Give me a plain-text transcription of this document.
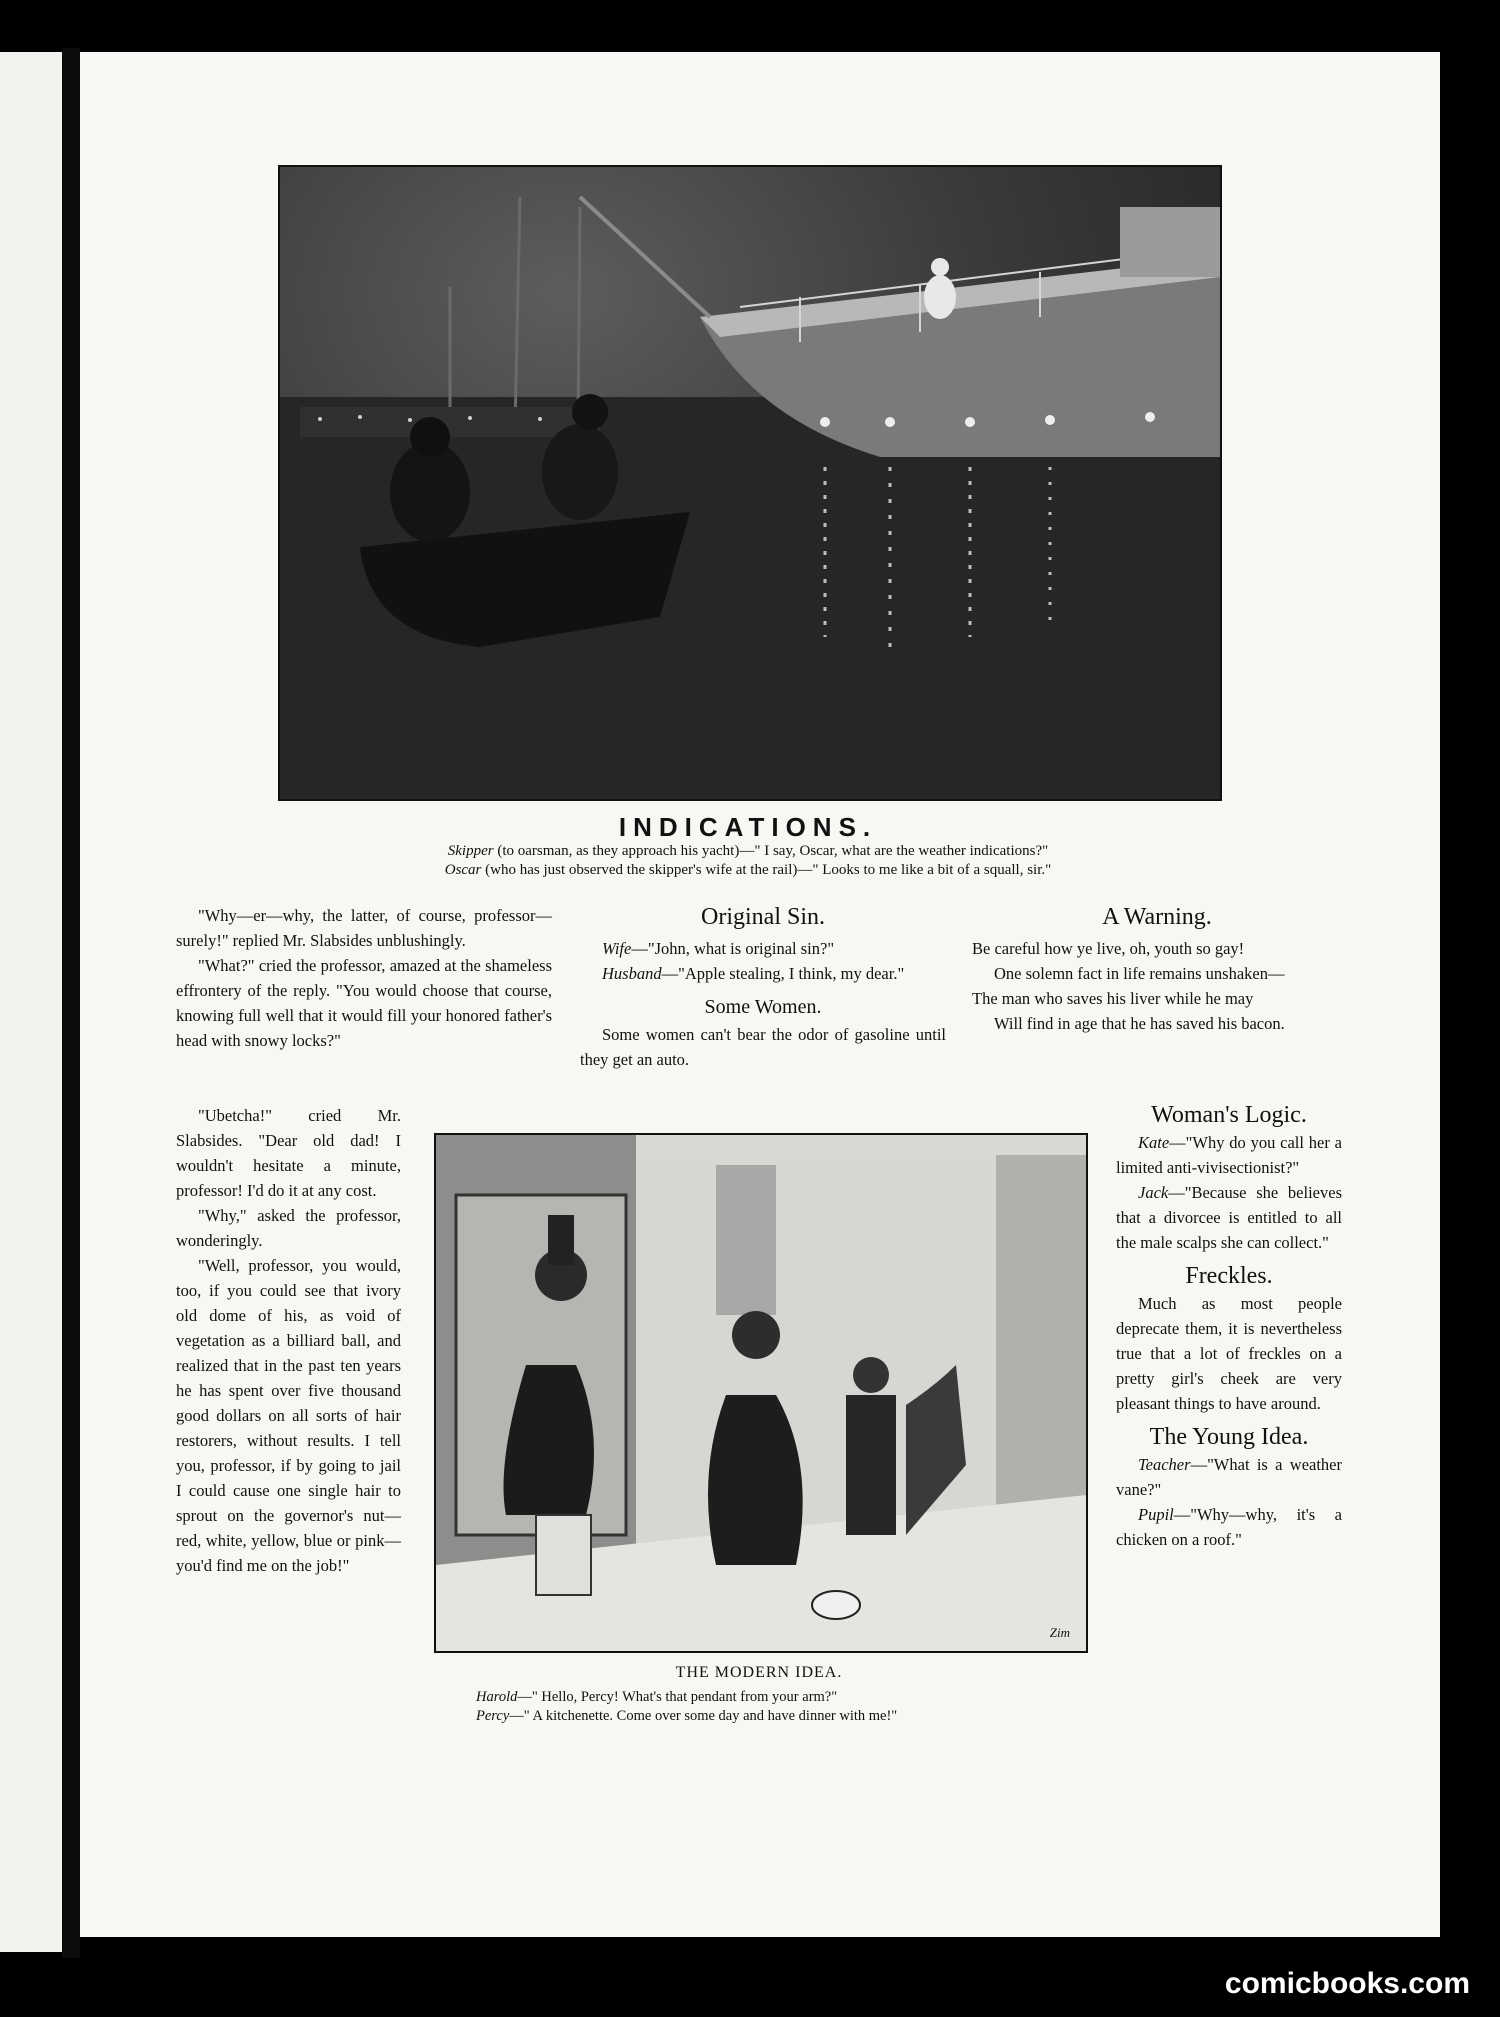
INDICATIONS.
Skipper (to oarsman, as they approach his yacht)—" I say, Oscar, what are the weather indications?"
Oscar (who has just observed the skipper's wife at the rail)—" Looks to me like a bit of a squall, sir."

"Why—er—why, the latter, of course, professor—surely!" replied Mr. Slabsides unblushingly.

"What?" cried the professor, amazed at the shameless effrontery of the reply. "You would choose that course, knowing full well that it would fill your honored father's head with snowy locks?"

"Ubetcha!" cried Mr. Slabsides. "Dear old dad! I wouldn't hesitate a minute, professor! I'd do it at any cost.

"Why," asked the professor, wonderingly.

"Well, professor, you would, too, if you could see that ivory old dome of his, as void of vegetation as a billiard ball, and realized that in the past ten years he has spent over five thousand good dollars on all sorts of hair restorers, without results. I tell you, professor, if by going to jail I could cause one single hair to sprout on the governor's nut—red, white, yellow, blue or pink—you'd find me on the job!"

Original Sin.

Wife—"John, what is original sin?"

Husband—"Apple stealing, I think, my dear."

Some Women.

Some women can't bear the odor of gasoline until they get an auto.

A Warning.

Be careful how ye live, oh, youth so gay!

One solemn fact in life remains unshaken—

The man who saves his liver while he may

Will find in age that he has saved his bacon.

Woman's Logic.

Kate—"Why do you call her a limited anti-vivisectionist?"

Jack—"Because she believes that a divorcee is entitled to all the male scalps she can collect."

Freckles.

Much as most people deprecate them, it is nevertheless true that a lot of freckles on a pretty girl's cheek are very pleasant things to have around.

The Young Idea.

Teacher—"What is a weather vane?"

Pupil—"Why—why, it's a chicken on a roof."

Zim
THE MODERN IDEA.
Harold—" Hello, Percy! What's that pendant from your arm?"
Percy—" A kitchenette. Come over some day and have dinner with me!"
comicbooks.com
